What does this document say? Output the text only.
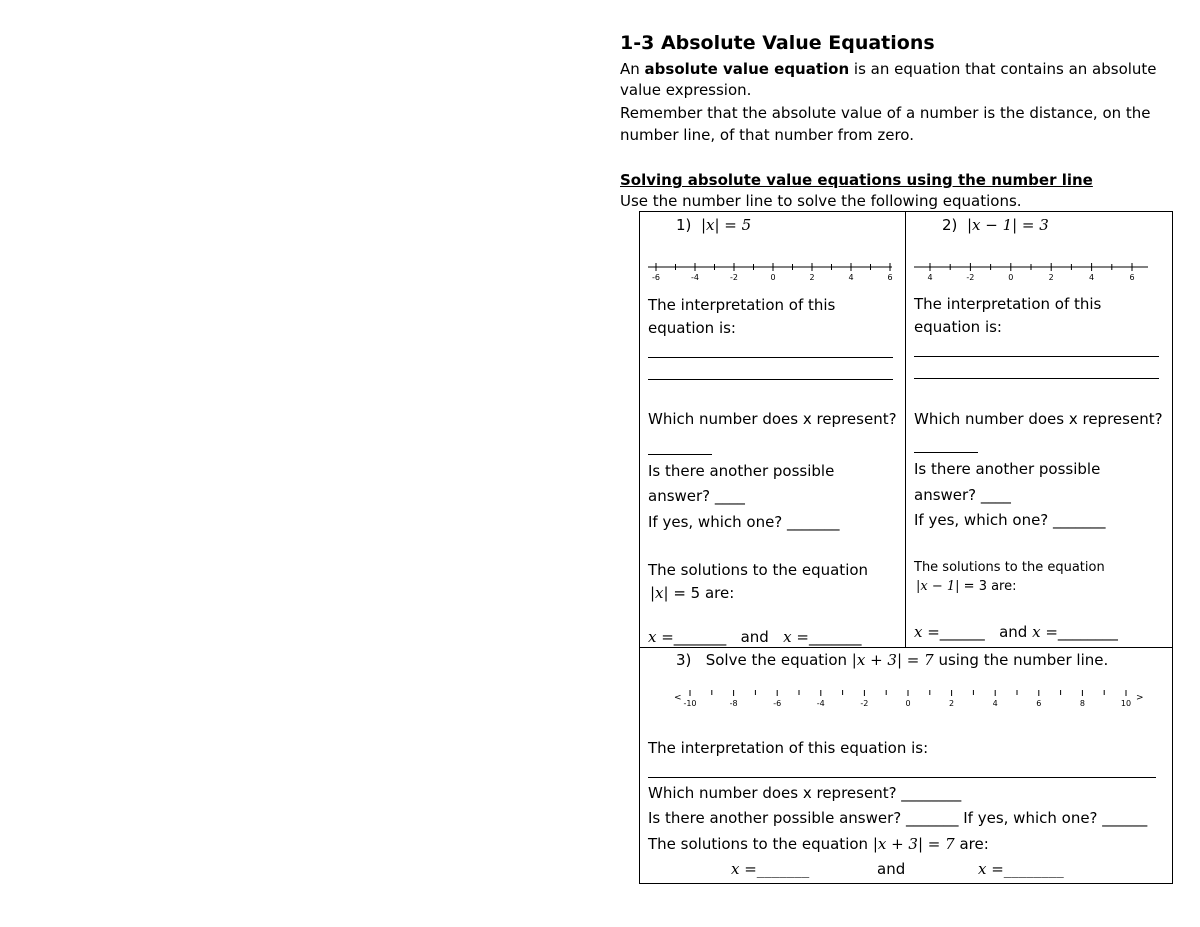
1-3 Absolute Value Equations
An absolute value equation is an equation that contains an absolute
value expression.
Remember that the absolute value of a number is the distance, on the
number line, of that number from zero.
Solving absolute value equations using the number line
Use the number line to solve the following equations.
1) |x| = 5
-6	-4	-2	0	2	4	6
The interpretation of this
equation is:
Which number does x represent?
Is there another possible
answer? ____
If yes, which one? _______
The solutions to the equation
|x| = 5 are:
x =_______   and x =_______
2) |x − 1| = 3
4	-2	0	2	4	6
The interpretation of this
equation is:
Which number does x represent?
Is there another possible
answer? ____
If yes, which one? _______
The solutions to the equation
|x − 1| = 3 are:
x =______   and x =________
3) Solve the equation |x + 3| = 7 using the number line.
<	>
-10	-8	-6	-4	-2	0	2	4	6	8	10
The interpretation of this equation is:
Which number does x represent? ________
Is there another possible answer? _______ If yes, which one? ______
The solutions to the equation |x + 3| = 7 are:
x =_______	and	x =________
